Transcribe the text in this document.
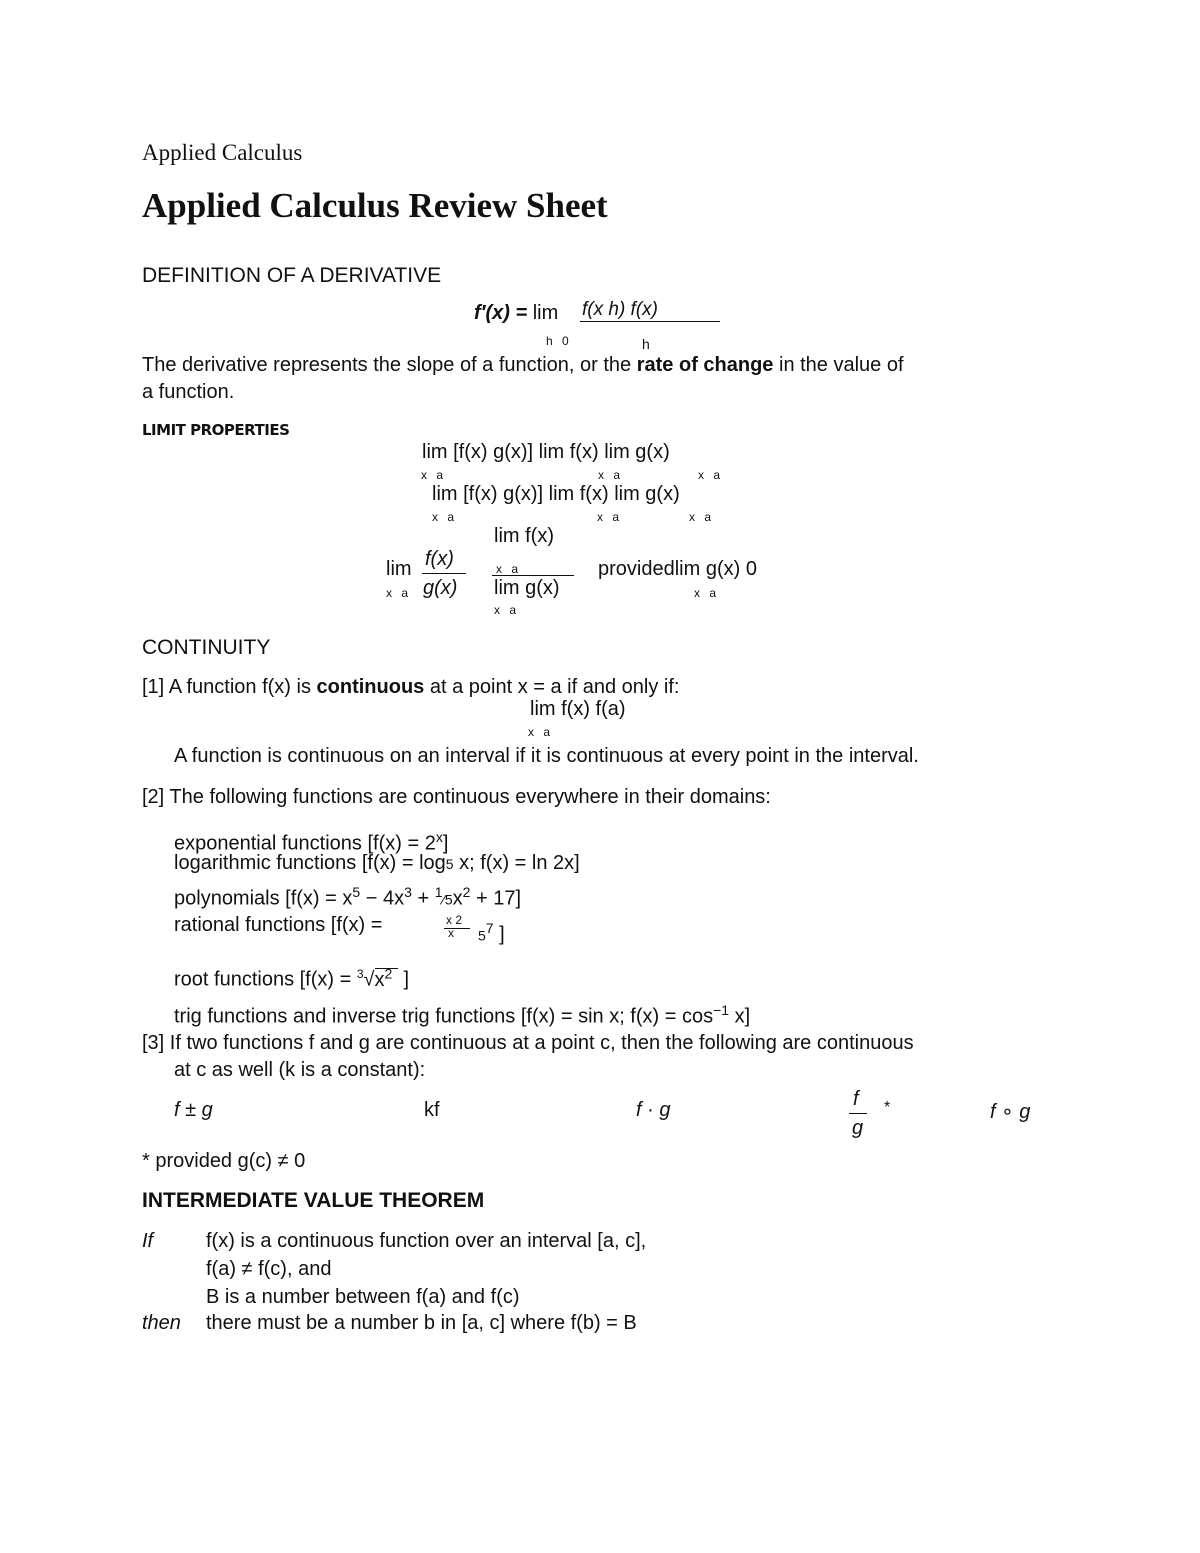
Applied Calculus
Applied Calculus Review Sheet
DEFINITION OF A DERIVATIVE
f′(x) = lim f(x h) f(x)
h 0	h
The derivative represents the slope of a function, or the rate of change in the value of
a function.
LIMIT PROPERTIES
lim [f(x) g(x)] lim f(x) lim g(x)
x a	x a	x a
lim [f(x) g(x)] lim f(x) lim g(x)
x a	x a	x a
lim f(x)
x a
lim g(x)
x a
lim
x a
f(x)
g(x)
providedlim g(x) 0
x a
CONTINUITY
[1] A function f(x) is continuous at a point x = a if and only if:
lim f(x) f(a)
x a
A function is continuous on an interval if it is continuous at every point in the interval.
[2] The following functions are continuous everywhere in their domains:
exponential functions $[f(x) = 2^x]$
logarithmic functions [f(x) = log5 x; f(x) = ln 2x]
polynomials [$f(x) = x^5 - 4x^3$ + $^1⁄5x^2 + 17$]
rational functions [f(x) =	x 2
x $5^7$ ]
root functions [$f(x) = ^3√x^2$  ]
trig functions and inverse trig functions [f(x) = sin x; $f(x) = \cos^{-1} x$]
[3] If two functions f and g are continuous at a point c, then the following are continuous
at c as well (k is a constant):
f ± g	kf	f · g	f
g
*	f ∘ g
* provided g(c) ≠ 0
INTERMEDIATE VALUE THEOREM
If	f(x) is a continuous function over an interval [a, c],
f(a) ≠ f(c), and
B is a number between f(a) and f(c)
then there must be a number b in [a, c] where f(b) = B
